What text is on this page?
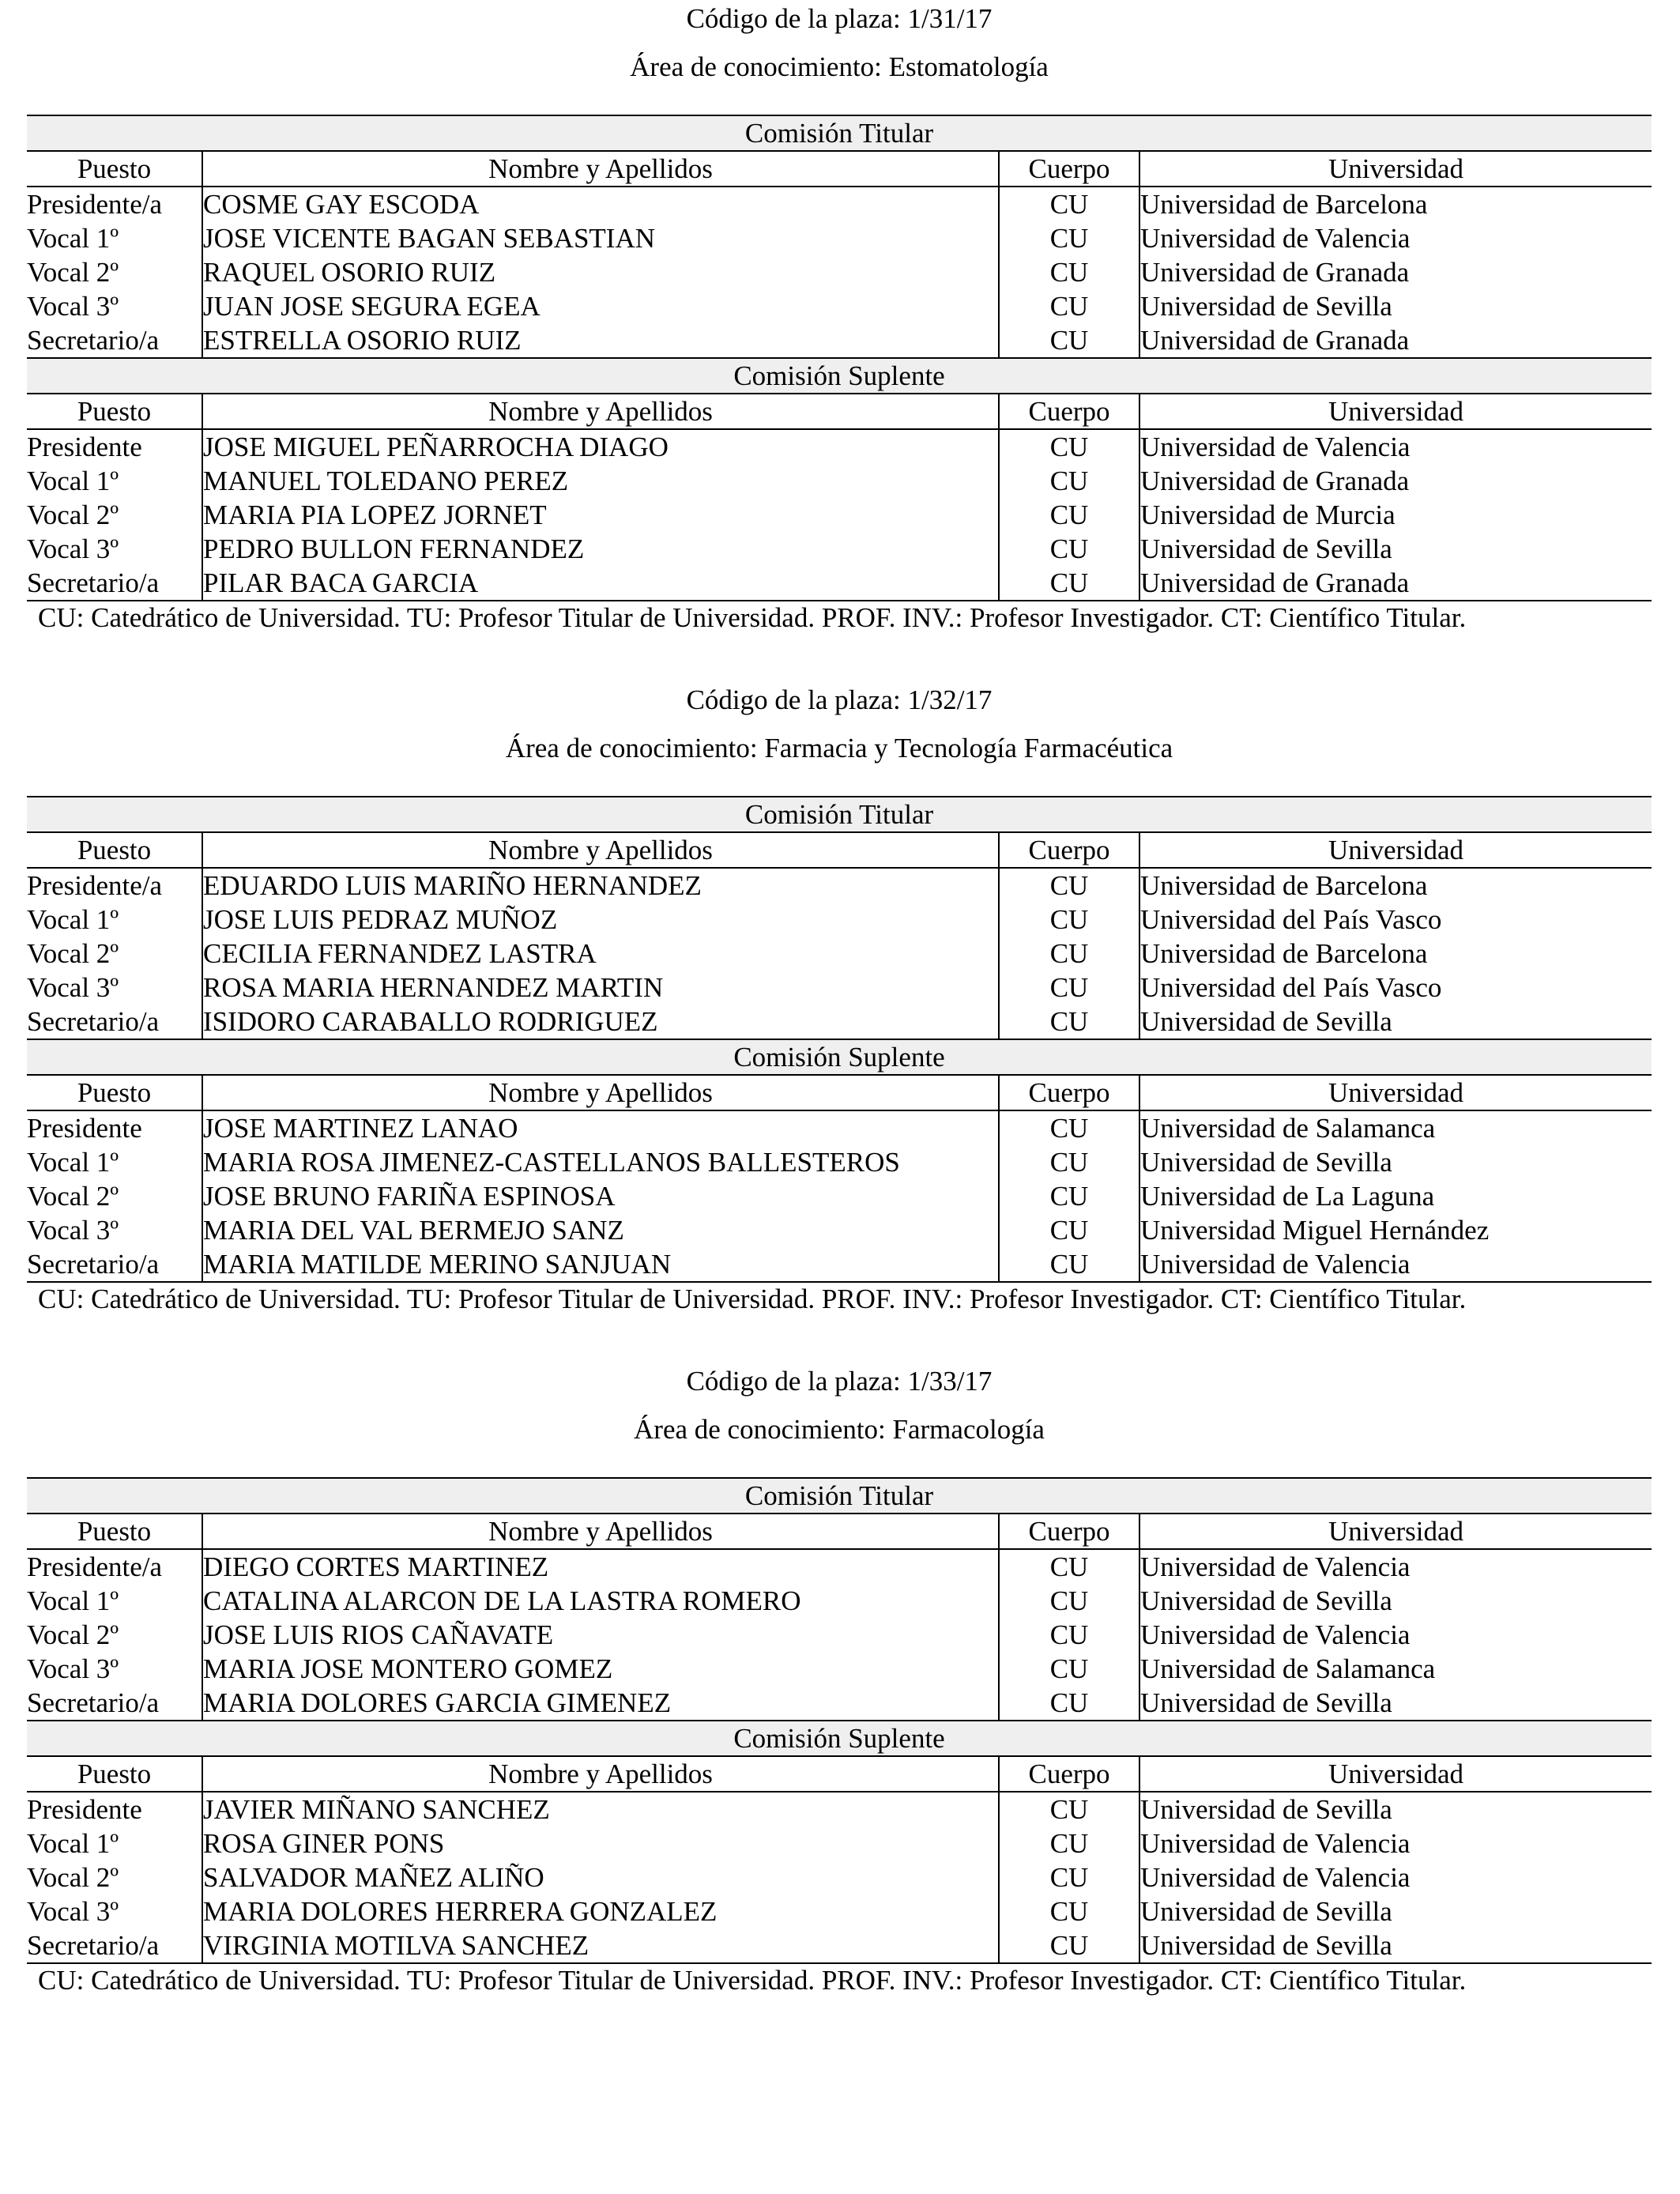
Código de la plaza: 1/31/17
Área de conocimiento: Estomatología
Comisión Titular			
Puesto	Nombre y Apellidos	Cuerpo	Universidad
Presidente/a	COSME GAY ESCODA	CU	Universidad de Barcelona
Vocal 1º	JOSE VICENTE BAGAN SEBASTIAN	CU	Universidad de Valencia
Vocal 2º	RAQUEL OSORIO RUIZ	CU	Universidad de Granada
Vocal 3º	JUAN JOSE SEGURA EGEA	CU	Universidad de Sevilla
Secretario/a	ESTRELLA OSORIO RUIZ	CU	Universidad de Granada
Comisión Suplente			
Puesto	Nombre y Apellidos	Cuerpo	Universidad
Presidente	JOSE MIGUEL PEÑARROCHA DIAGO	CU	Universidad de Valencia
Vocal 1º	MANUEL TOLEDANO PEREZ	CU	Universidad de Granada
Vocal 2º	MARIA PIA LOPEZ JORNET	CU	Universidad de Murcia
Vocal 3º	PEDRO BULLON FERNANDEZ	CU	Universidad de Sevilla
Secretario/a	PILAR BACA GARCIA	CU	Universidad de Granada
CU: Catedrático de Universidad. TU: Profesor Titular de Universidad. PROF. INV.: Profesor Investigador. CT: Científico Titular.
Código de la plaza: 1/32/17
Área de conocimiento: Farmacia y Tecnología Farmacéutica
Comisión Titular			
Puesto	Nombre y Apellidos	Cuerpo	Universidad
Presidente/a	EDUARDO LUIS MARIÑO HERNANDEZ	CU	Universidad de Barcelona
Vocal 1º	JOSE LUIS PEDRAZ MUÑOZ	CU	Universidad del País Vasco
Vocal 2º	CECILIA FERNANDEZ LASTRA	CU	Universidad de Barcelona
Vocal 3º	ROSA MARIA HERNANDEZ MARTIN	CU	Universidad del País Vasco
Secretario/a	ISIDORO CARABALLO RODRIGUEZ	CU	Universidad de Sevilla
Comisión Suplente			
Puesto	Nombre y Apellidos	Cuerpo	Universidad
Presidente	JOSE MARTINEZ LANAO	CU	Universidad de Salamanca
Vocal 1º	MARIA ROSA JIMENEZ-CASTELLANOS BALLESTEROS	CU	Universidad de Sevilla
Vocal 2º	JOSE BRUNO FARIÑA ESPINOSA	CU	Universidad de La Laguna
Vocal 3º	MARIA DEL VAL BERMEJO SANZ	CU	Universidad Miguel Hernández
Secretario/a	MARIA MATILDE MERINO SANJUAN	CU	Universidad de Valencia
CU: Catedrático de Universidad. TU: Profesor Titular de Universidad. PROF. INV.: Profesor Investigador. CT: Científico Titular.
Código de la plaza: 1/33/17
Área de conocimiento: Farmacología
Comisión Titular			
Puesto	Nombre y Apellidos	Cuerpo	Universidad
Presidente/a	DIEGO CORTES MARTINEZ	CU	Universidad de Valencia
Vocal 1º	CATALINA ALARCON DE LA LASTRA ROMERO	CU	Universidad de Sevilla
Vocal 2º	JOSE LUIS RIOS CAÑAVATE	CU	Universidad de Valencia
Vocal 3º	MARIA JOSE MONTERO GOMEZ	CU	Universidad de Salamanca
Secretario/a	MARIA DOLORES GARCIA GIMENEZ	CU	Universidad de Sevilla
Comisión Suplente			
Puesto	Nombre y Apellidos	Cuerpo	Universidad
Presidente	JAVIER MIÑANO SANCHEZ	CU	Universidad de Sevilla
Vocal 1º	ROSA GINER PONS	CU	Universidad de Valencia
Vocal 2º	SALVADOR MAÑEZ ALIÑO	CU	Universidad de Valencia
Vocal 3º	MARIA DOLORES HERRERA GONZALEZ	CU	Universidad de Sevilla
Secretario/a	VIRGINIA MOTILVA SANCHEZ	CU	Universidad de Sevilla
CU: Catedrático de Universidad. TU: Profesor Titular de Universidad. PROF. INV.: Profesor Investigador. CT: Científico Titular.
